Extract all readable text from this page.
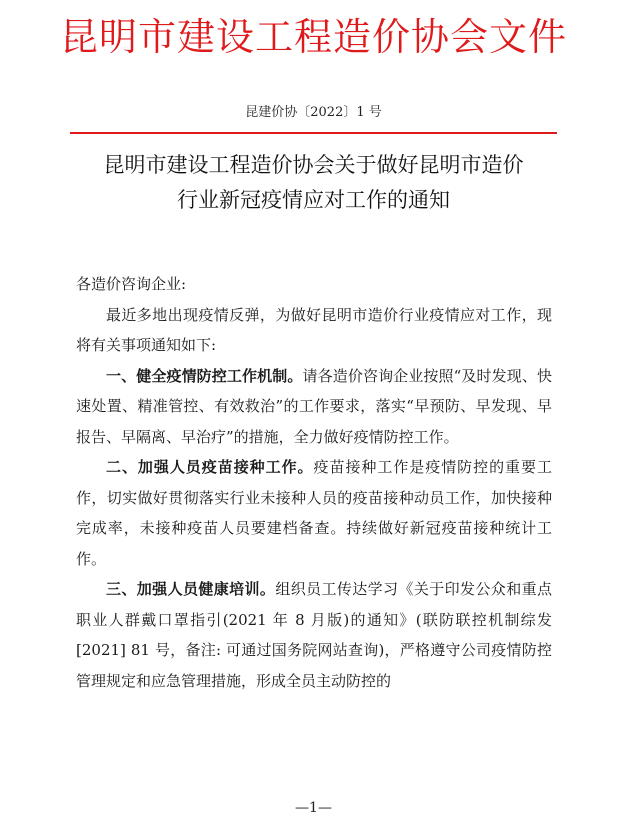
昆明市建设工程造价协会文件
昆建价协〔2022〕1 号
昆明市建设工程造价协会关于做好昆明市造价
行业新冠疫情应对工作的通知

各造价咨询企业:

最近多地出现疫情反弹，为做好昆明市造价行业疫情应对工作，现将有关事项通知如下:

一、健全疫情防控工作机制。请各造价咨询企业按照“及时发现、快速处置、精准管控、有效救治”的工作要求，落实“早预防、早发现、早报告、早隔离、早治疗”的措施，全力做好疫情防控工作。

二、加强人员疫苗接种工作。疫苗接种工作是疫情防控的重要工作，切实做好贯彻落实行业未接种人员的疫苗接种动员工作，加快接种完成率，未接种疫苗人员要建档备查。持续做好新冠疫苗接种统计工作。

三、加强人员健康培训。组织员工传达学习《关于印发公众和重点职业人群戴口罩指引(2021 年 8 月版)的通知》(联防联控机制综发 [2021] 81 号，备注: 可通过国务院网站查询)，严格遵守公司疫情防控管理规定和应急管理措施，形成全员主动防控的

—1—
